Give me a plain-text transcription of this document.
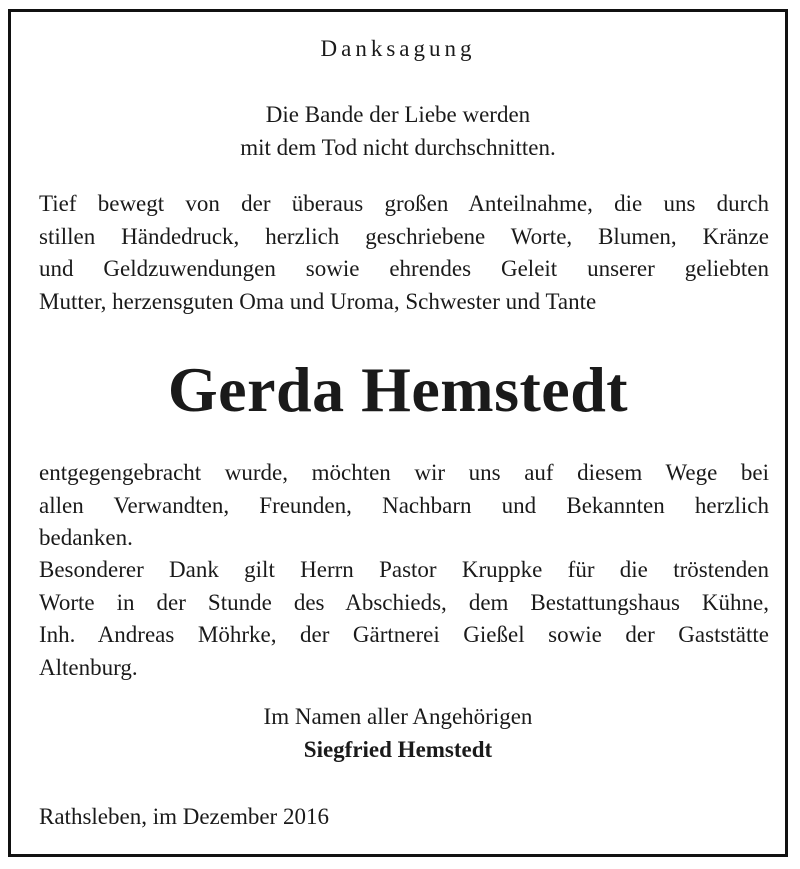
Danksagung
Die Bande der Liebe werden
mit dem Tod nicht durchschnitten.
Tief bewegt von der überaus großen Anteilnahme, die uns durch
stillen Händedruck, herzlich geschriebene Worte, Blumen, Kränze
und Geldzuwendungen sowie ehrendes Geleit unserer geliebten
Mutter, herzensguten Oma und Uroma, Schwester und Tante
Gerda Hemstedt
entgegengebracht wurde, möchten wir uns auf diesem Wege bei
allen Verwandten, Freunden, Nachbarn und Bekannten herzlich
bedanken.
Besonderer Dank gilt Herrn Pastor Kruppke für die tröstenden
Worte in der Stunde des Abschieds, dem Bestattungshaus Kühne,
Inh. Andreas Möhrke, der Gärtnerei Gießel sowie der Gaststätte
Altenburg.
Im Namen aller Angehörigen
Siegfried Hemstedt
Rathsleben, im Dezember 2016
